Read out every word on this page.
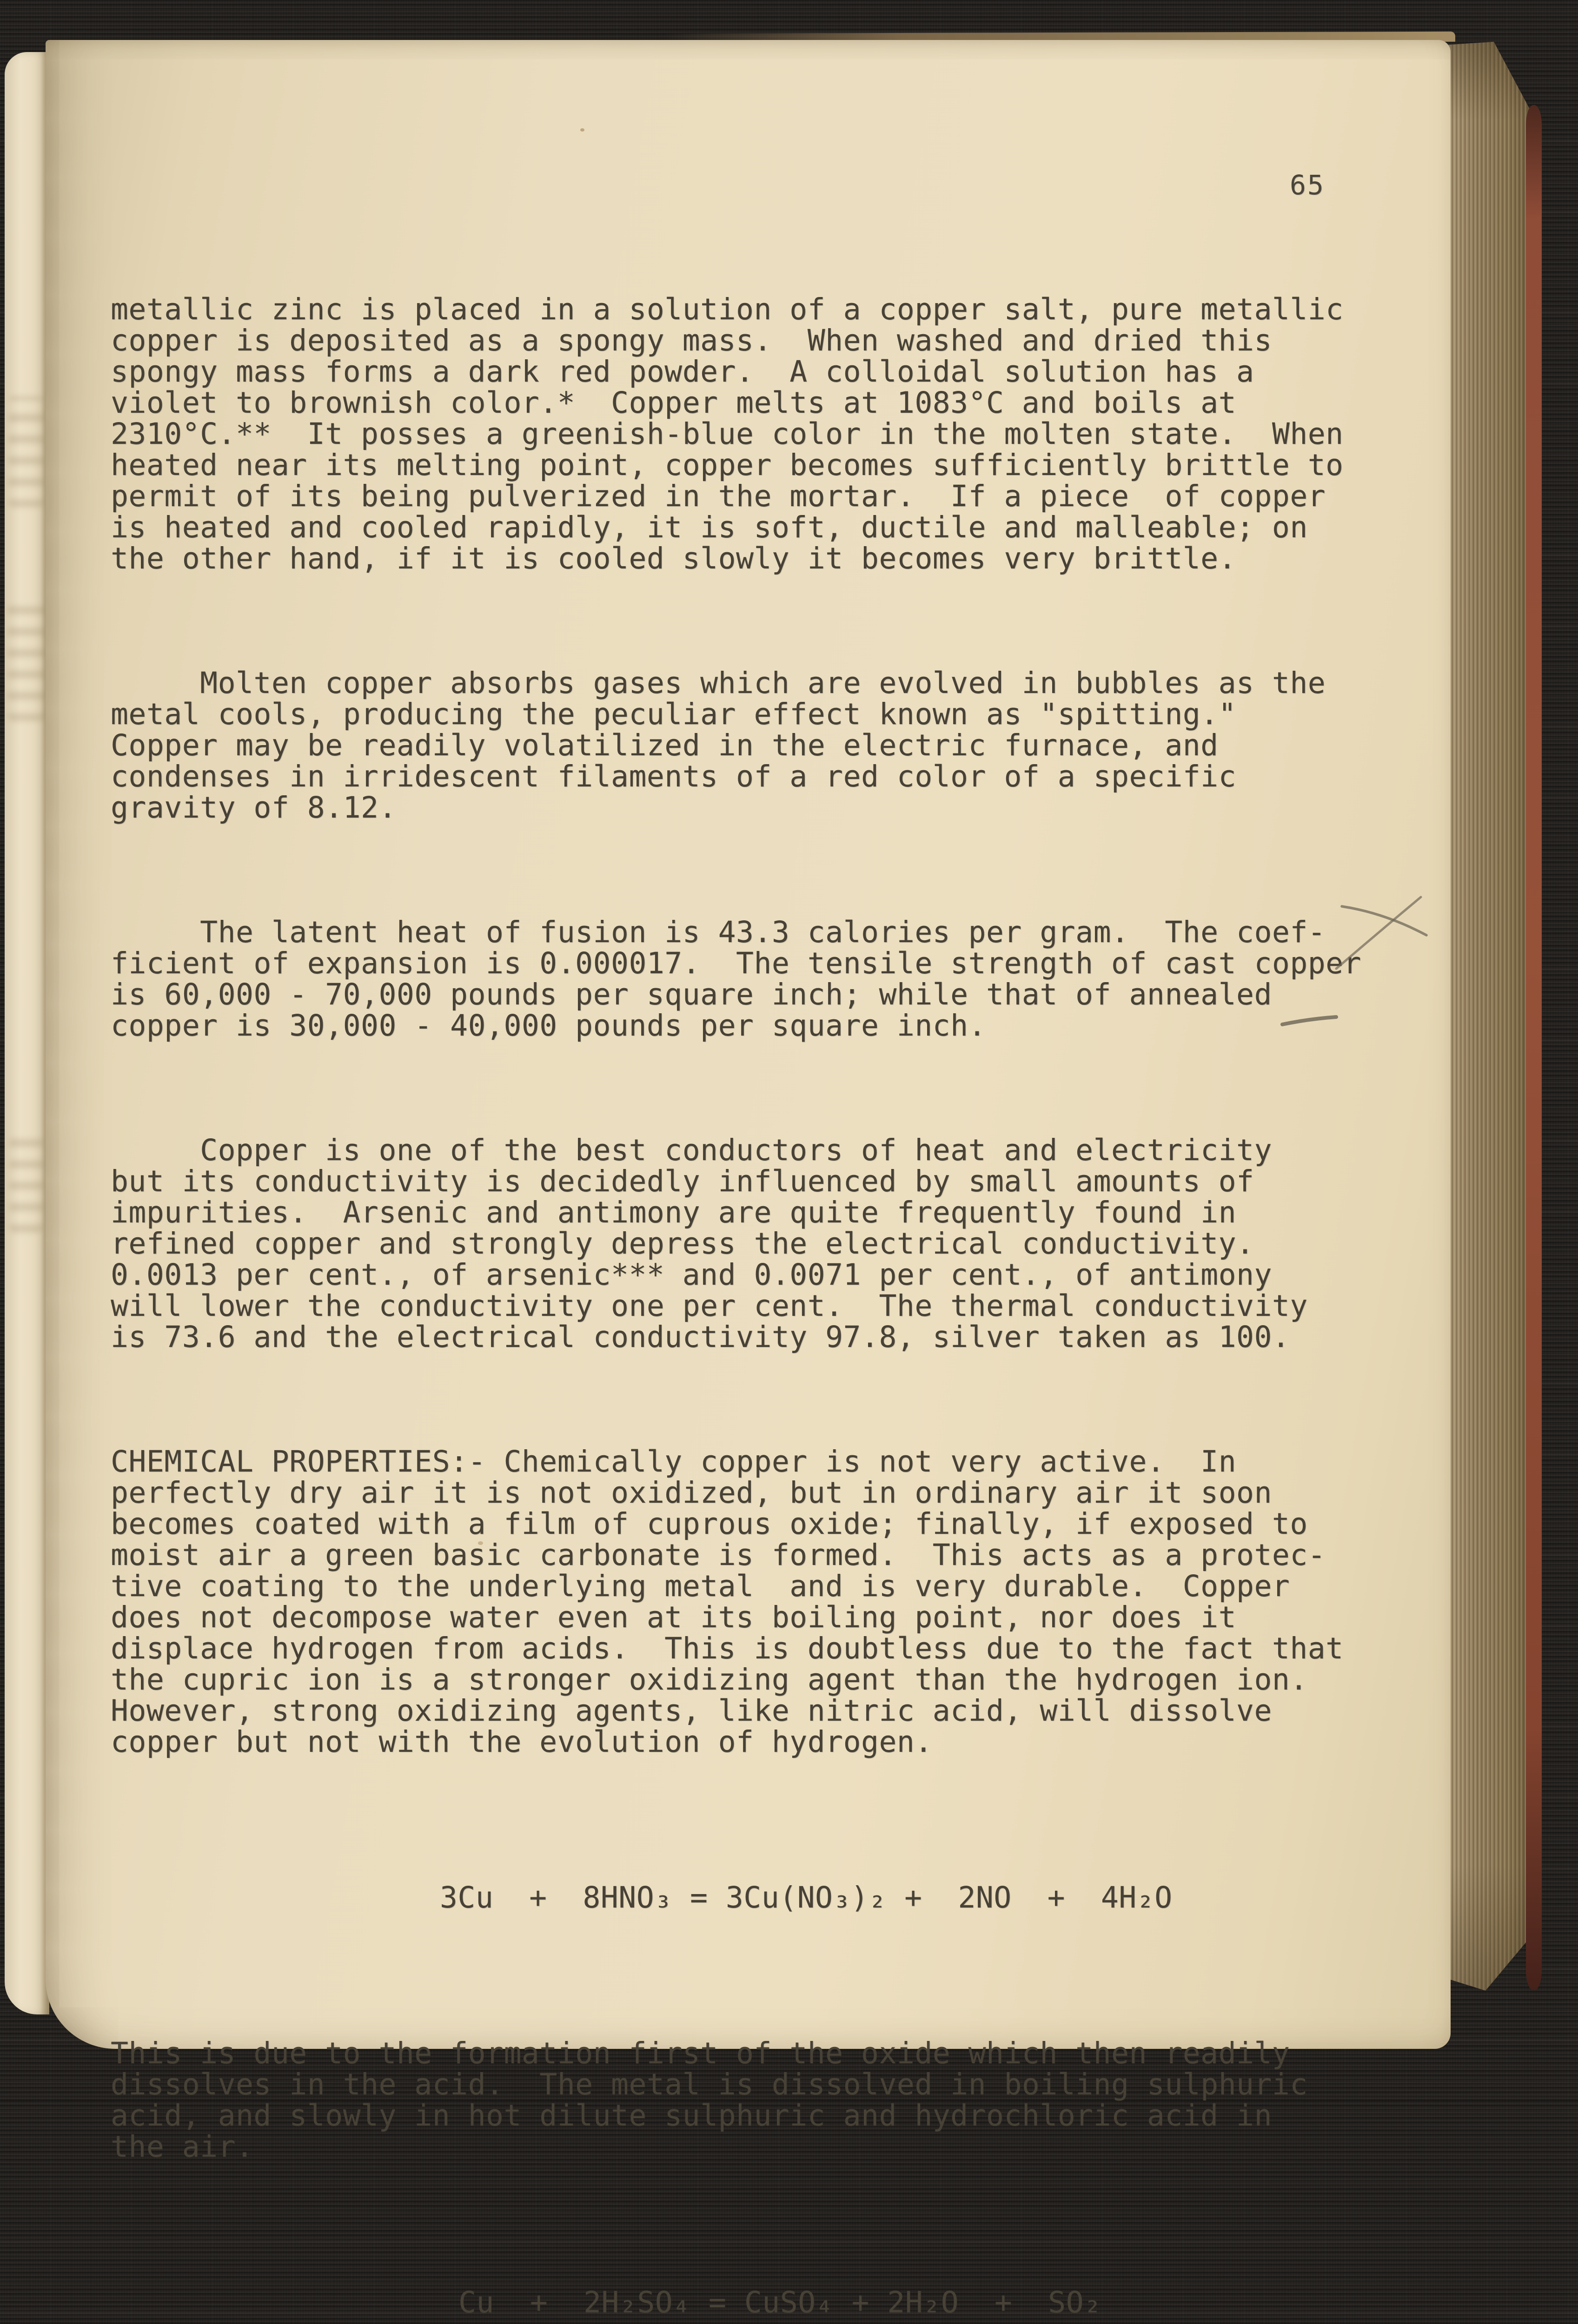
65

metallic zinc is placed in a solution of a copper salt, pure metallic
copper is deposited as a spongy mass.  When washed and dried this
spongy mass forms a dark red powder.  A colloidal solution has a
violet to brownish color.*  Copper melts at 1083°C and boils at
2310°C.**  It posses a greenish-blue color in the molten state.  When
heated near its melting point, copper becomes sufficiently brittle to
permit of its being pulverized in the mortar.  If a piece  of copper
is heated and cooled rapidly, it is soft, ductile and malleable; on
the other hand, if it is cooled slowly it becomes very brittle.

Molten copper absorbs gases which are evolved in bubbles as the
metal cools, producing the peculiar effect known as "spitting."
Copper may be readily volatilized in the electric furnace, and
condenses in irridescent filaments of a red color of a specific
gravity of 8.12.

The latent heat of fusion is 43.3 calories per gram.  The coef-
ficient of expansion is 0.000017.  The tensile strength of cast copper
is 60,000 - 70,000 pounds per square inch; while that of annealed
copper is 30,000 - 40,000 pounds per square inch.

Copper is one of the best conductors of heat and electricity
but its conductivity is decidedly influenced by small amounts of
impurities.  Arsenic and antimony are quite frequently found in
refined copper and strongly depress the electrical conductivity.
0.0013 per cent., of arsenic*** and 0.0071 per cent., of antimony
will lower the conductivity one per cent.  The thermal conductivity
is 73.6 and the electrical conductivity 97.8, silver taken as 100.

CHEMICAL PROPERTIES:- Chemically copper is not very active.  In
perfectly dry air it is not oxidized, but in ordinary air it soon
becomes coated with a film of cuprous oxide; finally, if exposed to
moist air a green basic carbonate is formed.  This acts as a protec-
tive coating to the underlying metal  and is very durable.  Copper
does not decompose water even at its boiling point, nor does it
displace hydrogen from acids.  This is doubtless due to the fact that
the cupric ion is a stronger oxidizing agent than the hydrogen ion.
However, strong oxidizing agents, like nitric acid, will dissolve
copper but not with the evolution of hydrogen.

3Cu  +  8HNO₃ = 3Cu(NO₃)₂ +  2NO  +  4H₂O

This is due to the formation first of the oxide which then readily
dissolves in the acid.  The metal is dissolved in boiling sulphuric
acid, and slowly in hot dilute sulphuric and hydrochloric acid in
the air.

Cu  +  2H₂SO₄ = CuSO₄ + 2H₂O  +  SO₂
